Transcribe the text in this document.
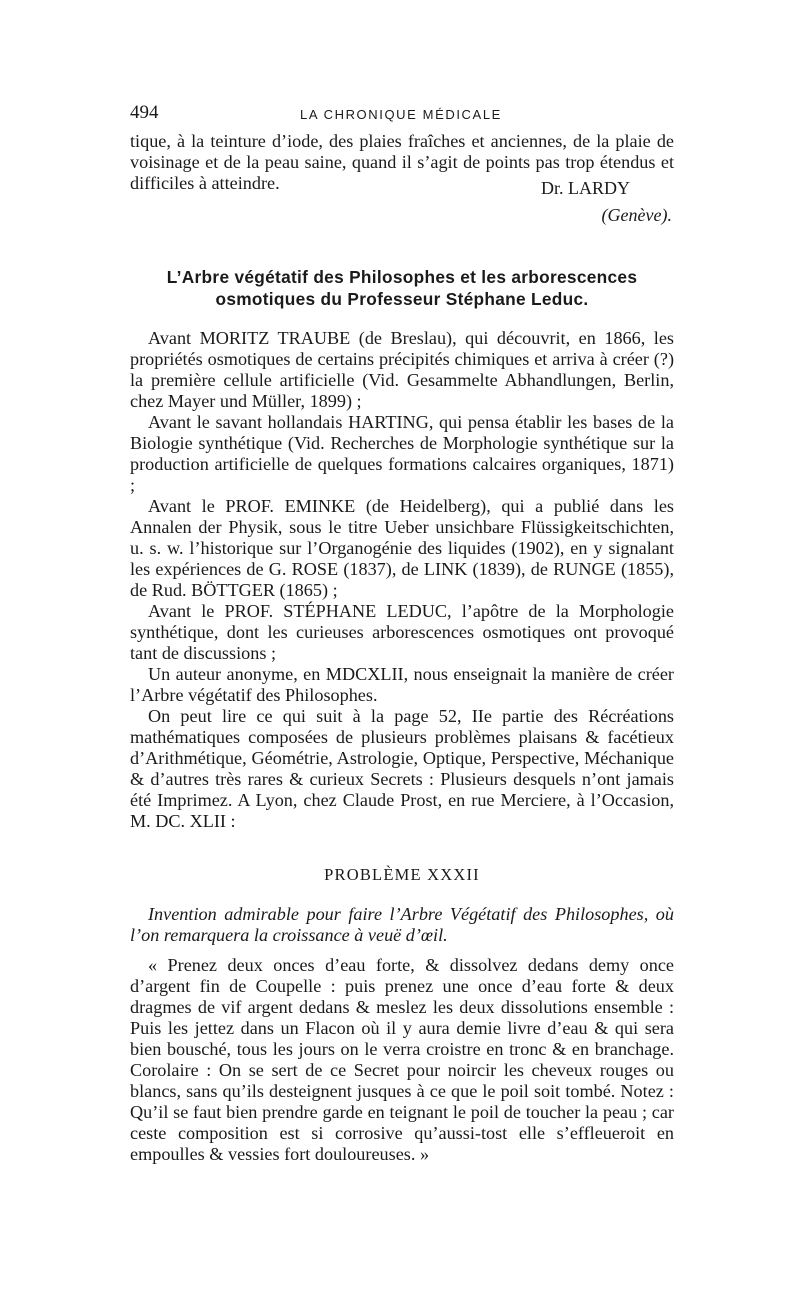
494	LA CHRONIQUE MÉDICALE

tique, à la teinture d’iode, des plaies fraîches et anciennes, de la plaie de voisinage et de la peau saine, quand il s’agit de points pas trop étendus et difficiles à atteindre.	Dr. LARDY
(Genève).
L’Arbre végétatif des Philosophes et les arborescences
osmotiques du Professeur Stéphane Leduc.

Avant MORITZ TRAUBE (de Breslau), qui découvrit, en 1866, les propriétés osmotiques de certains précipités chimiques et arriva à créer (?) la première cellule artificielle (Vid. Gesammelte Abhandlungen, Berlin, chez Mayer und Müller, 1899) ;

Avant le savant hollandais HARTING, qui pensa établir les bases de la Biologie synthétique (Vid. Recherches de Morphologie synthétique sur la production artificielle de quelques formations calcaires organiques, 1871) ;

Avant le PROF. EMINKE (de Heidelberg), qui a publié dans les Annalen der Physik, sous le titre Ueber unsichbare Flüssigkeitschichten, u. s. w. l’historique sur l’Organogénie des liquides (1902), en y signalant les expériences de G. ROSE (1837), de LINK (1839), de RUNGE (1855), de Rud. BÖTTGER (1865) ;

Avant le PROF. STÉPHANE LEDUC, l’apôtre de la Morphologie synthétique, dont les curieuses arborescences osmotiques ont provoqué tant de discussions ;

Un auteur anonyme, en MDCXLII, nous enseignait la manière de créer l’Arbre végétatif des Philosophes.

On peut lire ce qui suit à la page 52, IIe partie des Récréations mathématiques composées de plusieurs problèmes plaisans & facétieux d’Arithmétique, Géométrie, Astrologie, Optique, Perspective, Méchanique & d’autres très rares & curieux Secrets : Plusieurs desquels n’ont jamais été Imprimez. A Lyon, chez Claude Prost, en rue Merciere, à l’Occasion, M. DC. XLII :

PROBLÈME XXXII

Invention admirable pour faire l’Arbre Végétatif des Philosophes, où l’on remarquera la croissance à veuë d’œil.

« Prenez deux onces d’eau forte, & dissolvez dedans demy once d’argent fin de Coupelle : puis prenez une once d’eau forte & deux dragmes de vif argent dedans & meslez les deux dissolutions ensemble : Puis les jettez dans un Flacon où il y aura demie livre d’eau & qui sera bien bousché, tous les jours on le verra croistre en tronc & en branchage. Corolaire : On se sert de ce Secret pour noircir les cheveux rouges ou blancs, sans qu’ils desteignent jusques à ce que le poil soit tombé. Notez : Qu’il se faut bien prendre garde en teignant le poil de toucher la peau ; car ceste composition est si corrosive qu’aussi-tost elle s’effleueroit en empoulles & vessies fort douloureuses. »
